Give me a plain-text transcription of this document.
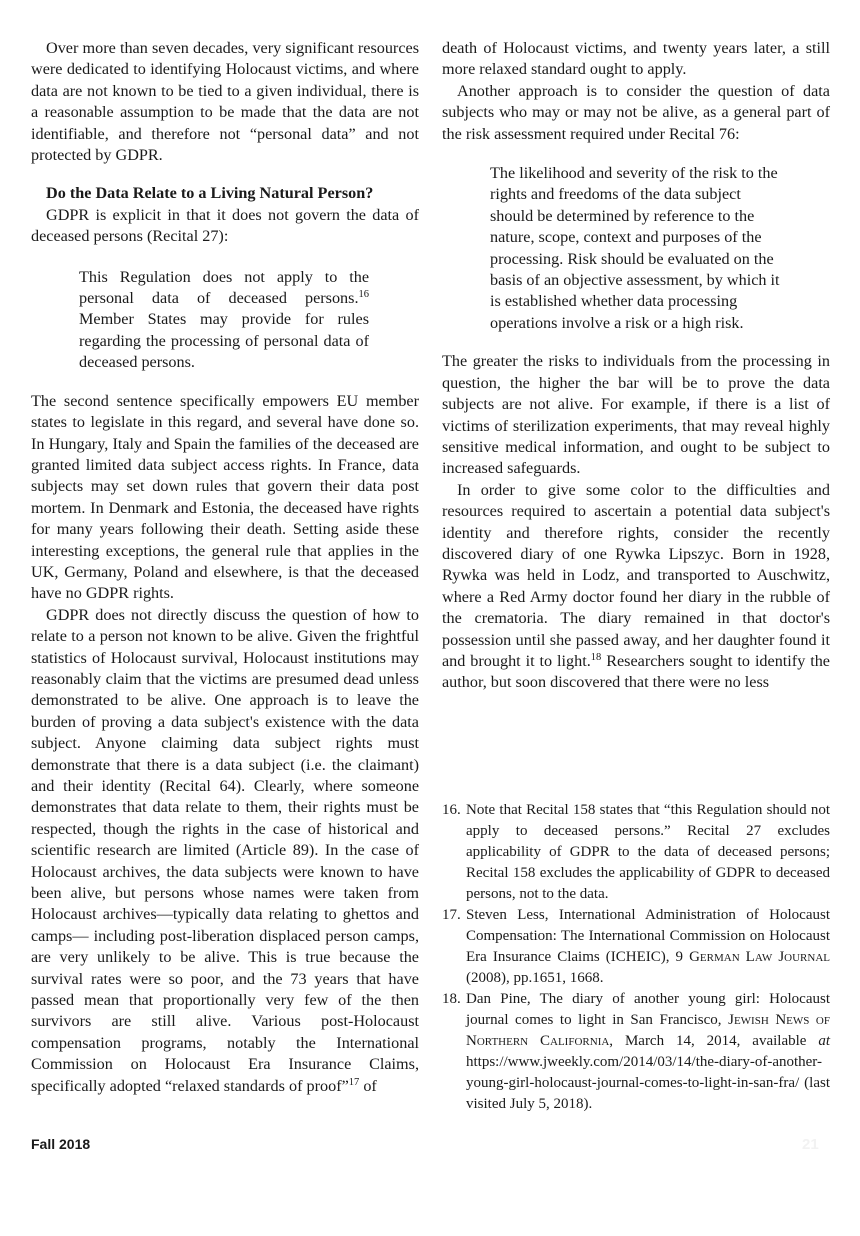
Over more than seven decades, very significant resources were dedicated to identifying Holocaust victims, and where data are not known to be tied to a given individual, there is a reasonable assumption to be made that the data are not identifiable, and therefore not “personal data” and not protected by GDPR.

Do the Data Relate to a Living Natural Person?

GDPR is explicit in that it does not govern the data of deceased persons (Recital 27):

This Regulation does not apply to the personal data of deceased persons.$^{16}$ Member States may provide for rules regarding the processing of personal data of deceased persons.

The second sentence specifically empowers EU member states to legislate in this regard, and several have done so. In Hungary, Italy and Spain the families of the deceased are granted limited data subject access rights. In France, data subjects may set down rules that govern their data post mortem. In Denmark and Estonia, the deceased have rights for many years following their death. Setting aside these interesting exceptions, the general rule that applies in the UK, Germany, Poland and elsewhere, is that the deceased have no GDPR rights.

GDPR does not directly discuss the question of how to relate to a person not known to be alive. Given the frightful statistics of Holocaust survival, Holocaust institutions may reasonably claim that the victims are presumed dead unless demonstrated to be alive. One approach is to leave the burden of proving a data subject's existence with the data subject. Anyone claiming data subject rights must demonstrate that there is a data subject (i.e. the claimant) and their identity (Recital 64). Clearly, where someone demonstrates that data relate to them, their rights must be respected, though the rights in the case of historical and scientific research are limited (Article 89). In the case of Holocaust archives, the data subjects were known to have been alive, but persons whose names were taken from Holocaust archives—typically data relating to ghettos and camps— including post-liberation displaced person camps, are very unlikely to be alive. This is true because the survival rates were so poor, and the 73 years that have passed mean that proportionally very few of the then survivors are still alive. Various post-Holocaust compensation programs, notably the International Commission on Holocaust Era Insurance Claims, specifically adopted “relaxed standards of proof”$^{17}$ of

death of Holocaust victims, and twenty years later, a still more relaxed standard ought to apply.

Another approach is to consider the question of data subjects who may or may not be alive, as a general part of the risk assessment required under Recital 76:

The likelihood and severity of the risk to the rights and freedoms of the data subject should be determined by reference to the nature, scope, context and purposes of the processing. Risk should be evaluated on the basis of an objective assessment, by which it is established whether data processing operations involve a risk or a high risk.

The greater the risks to individuals from the processing in question, the higher the bar will be to prove the data subjects are not alive. For example, if there is a list of victims of sterilization experiments, that may reveal highly sensitive medical information, and ought to be subject to increased safeguards.

In order to give some color to the difficulties and resources required to ascertain a potential data subject's identity and therefore rights, consider the recently discovered diary of one Rywka Lipszyc. Born in 1928, Rywka was held in Lodz, and transported to Auschwitz, where a Red Army doctor found her diary in the rubble of the crematoria. The diary remained in that doctor's possession until she passed away, and her daughter found it and brought it to light.$^{18}$ Researchers sought to identify the author, but soon discovered that there were no less

16. Note that Recital 158 states that “this Regulation should not apply to deceased persons.” Recital 27 excludes applicability of GDPR to the data of deceased persons; Recital 158 excludes the applicability of GDPR to deceased persons, not to the data.
17. Steven Less, International Administration of Holocaust Compensation: The International Commission on Holocaust Era Insurance Claims (ICHEIC), 9 German Law Journal (2008), pp.1651, 1668.
18. Dan Pine, The diary of another young girl: Holocaust journal comes to light in San Francisco, Jewish News of Northern California, March 14, 2014, available at https://www.jweekly.com/2014/03/14/the-diary-of-another-young-girl-holocaust-journal-comes-to-light-in-san-fra/ (last visited July 5, 2018).
Fall 2018	21
